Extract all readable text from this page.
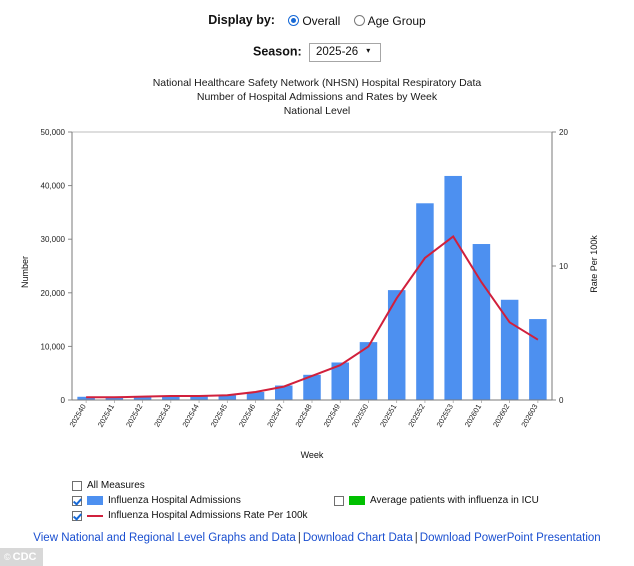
Display by: Overall Age Group
Season: 2025-26 ▾
National Healthcare Safety Network (NHSN) Hospital Respiratory Data
Number of Hospital Admissions and Rates by Week
National Level
0
10,000
20,000
30,000
40,000
50,000
0
10
20
202540 202541 202542 202543 202544 202545 202546 202547 202548 202549 202550 202551 202552 202553 202601 202602 202603
Number	Rate Per 100k
Week
All Measures
Influenza Hospital Admissions	Average patients with influenza in ICU
Influenza Hospital Admissions Rate Per 100k
View National and Regional Level Graphs and Data | Download Chart Data | Download PowerPoint Presentation
© CDC
